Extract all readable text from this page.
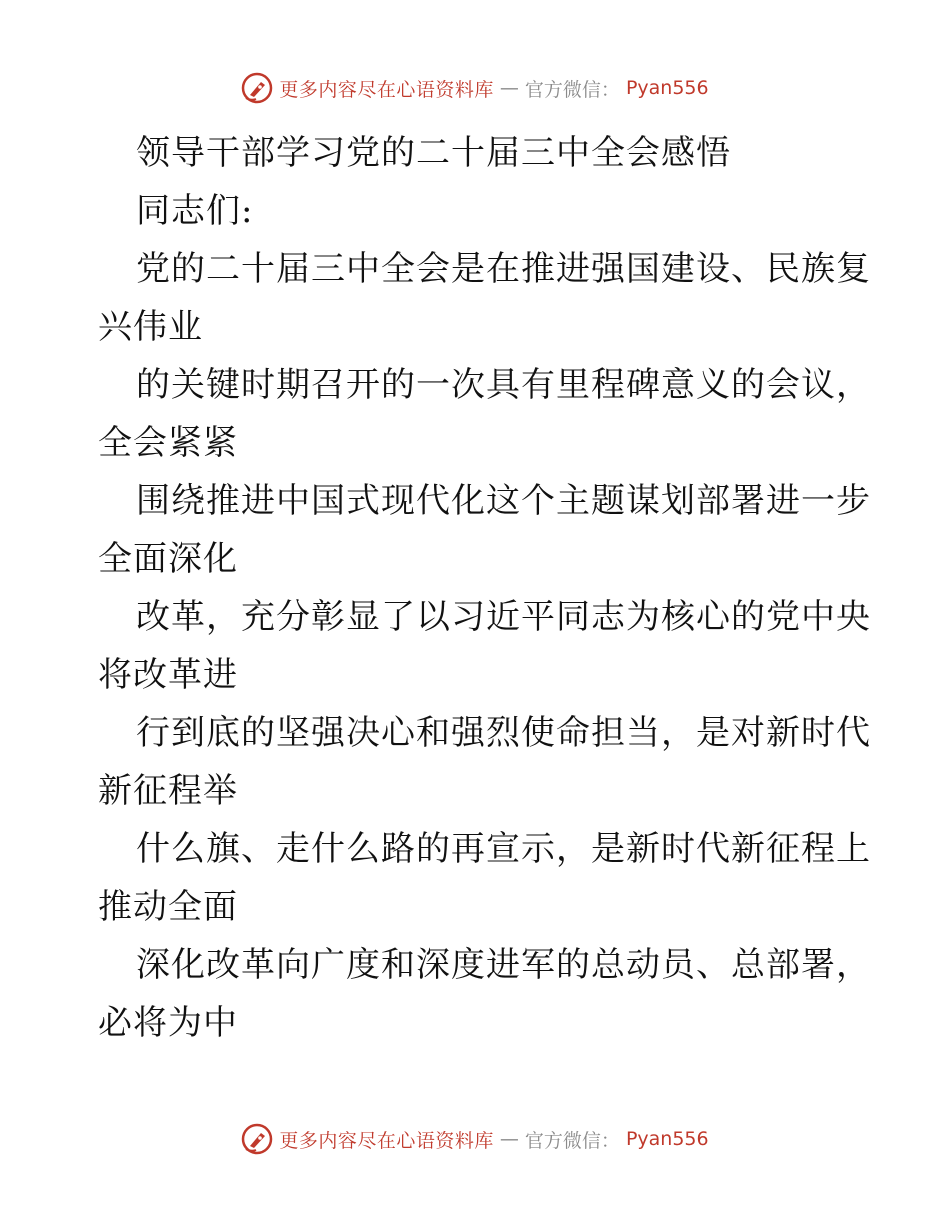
更多内容尽在心语资料库 — 官方微信： Pyan556
领导干部学习党的二十届三中全会感悟
同志们:
党的二十届三中全会是在推进强国建设、民族复
兴伟业
的关键时期召开的一次具有里程碑意义的会议，
全会紧紧
围绕推进中国式现代化这个主题谋划部署进一步
全面深化
改革，充分彰显了以习近平同志为核心的党中央
将改革进
行到底的坚强决心和强烈使命担当，是对新时代
新征程举
什么旗、走什么路的再宣示，是新时代新征程上
推动全面
深化改革向广度和深度进军的总动员、总部署，
必将为中
更多内容尽在心语资料库 — 官方微信： Pyan556
